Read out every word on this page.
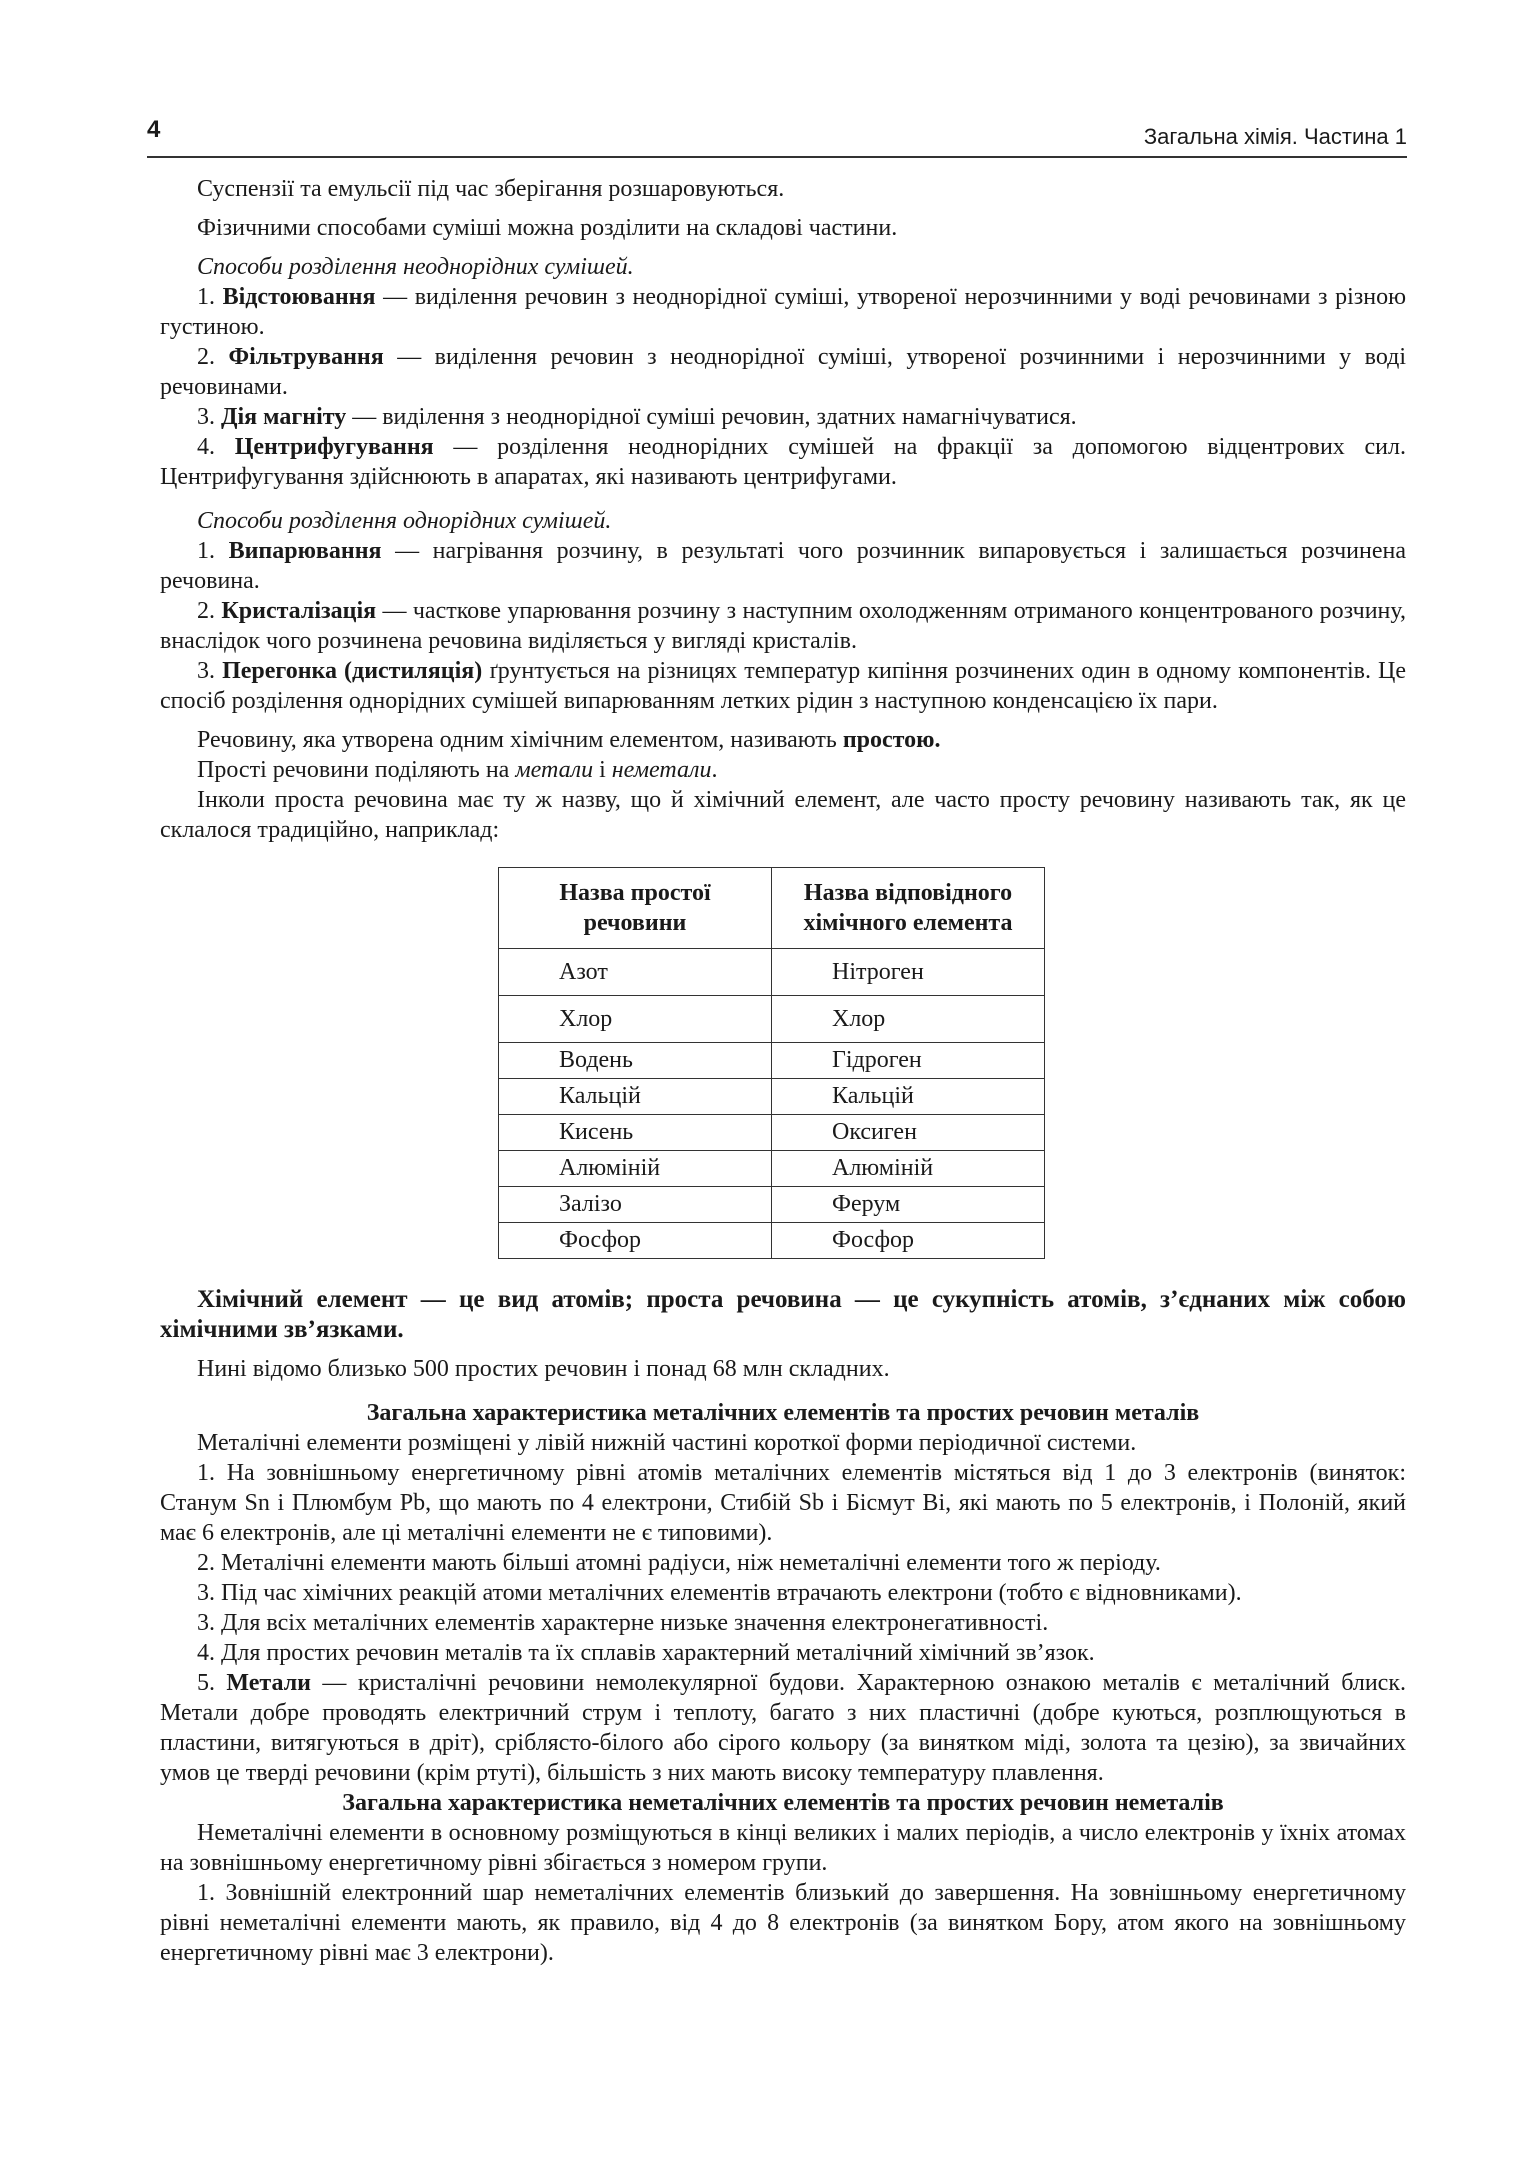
4	Загальна хімія. Частина 1

Суспензії та емульсії під час зберігання розшаровуються.

Фізичними способами суміші можна розділити на складові частини.

Способи розділення неоднорідних сумішей.

1. Відстоювання — виділення речовин з неоднорідної суміші, утвореної нерозчинними у воді речовинами з різною густиною.

2. Фільтрування — виділення речовин з неоднорідної суміші, утвореної розчинними і нерозчинними у воді речовинами.

3. Дія магніту — виділення з неоднорідної суміші речовин, здатних намагнічуватися.

4. Центрифугування — розділення неоднорідних сумішей на фракції за допомогою відцентрових сил. Центрифугування здійснюють в апаратах, які називають центрифугами.

Способи розділення однорідних сумішей.

1. Випарювання — нагрівання розчину, в результаті чого розчинник випаровується і залишається розчинена речовина.

2. Кристалізація — часткове упарювання розчину з наступним охолодженням отриманого концентрованого розчину, внаслідок чого розчинена речовина виділяється у вигляді кристалів.

3. Перегонка (дистиляція) ґрунтується на різницях температур кипіння розчинених один в одному компонентів. Це спосіб розділення однорідних сумішей випарюванням летких рідин з наступною конденсацією їх пари.

Речовину, яка утворена одним хімічним елементом, називають простою.

Прості речовини поділяють на метали і неметали.

Інколи проста речовина має ту ж назву, що й хімічний елемент, але часто просту речовину називають так, як це склалося традиційно, наприклад:

Назва простої речовини	Назва відповідного хімічного елемента
Азот	Нітроген
Хлор	Хлор
Водень	Гідроген
Кальцій	Кальцій
Кисень	Оксиген
Алюміній	Алюміній
Залізо	Ферум
Фосфор	Фосфор

Хімічний елемент — це вид атомів; проста речовина — це сукупність атомів, з’єднаних між собою хімічними зв’язками.

Нині відомо близько 500 простих речовин і понад 68 млн складних.

Загальна характеристика металічних елементів та простих речовин металів

Металічні елементи розміщені у лівій нижній частині короткої форми періодичної системи.

1. На зовнішньому енергетичному рівні атомів металічних елементів містяться від 1 до 3 електронів (виняток: Станум Sn і Плюмбум Pb, що мають по 4 електрони, Стибій Sb і Бісмут Bi, які мають по 5 електронів, і Полоній, який має 6 електронів, але ці металічні елементи не є типовими).

2. Металічні елементи мають більші атомні радіуси, ніж неметалічні елементи того ж періоду.

3. Під час хімічних реакцій атоми металічних елементів втрачають електрони (тобто є відновниками).

3. Для всіх металічних елементів характерне низьке значення електронегативності.

4. Для простих речовин металів та їх сплавів характерний металічний хімічний зв’язок.

5. Метали — кристалічні речовини немолекулярної будови. Характерною ознакою металів є металічний блиск. Метали добре проводять електричний струм і теплоту, багато з них пластичні (добре куються, розплющуються в пластини, витягуються в дріт), сріблясто-білого або сірого кольору (за винятком міді, золота та цезію), за звичайних умов це тверді речовини (крім ртуті), більшість з них мають високу температуру плавлення.

Загальна характеристика неметалічних елементів та простих речовин неметалів

Неметалічні елементи в основному розміщуються в кінці великих і малих періодів, а число електронів у їхніх атомах на зовнішньому енергетичному рівні збігається з номером групи.

1. Зовнішній електронний шар неметалічних елементів близький до завершення. На зовнішньому енергетичному рівні неметалічні елементи мають, як правило, від 4 до 8 електронів (за винятком Бору, атом якого на зовнішньому енергетичному рівні має 3 електрони).
